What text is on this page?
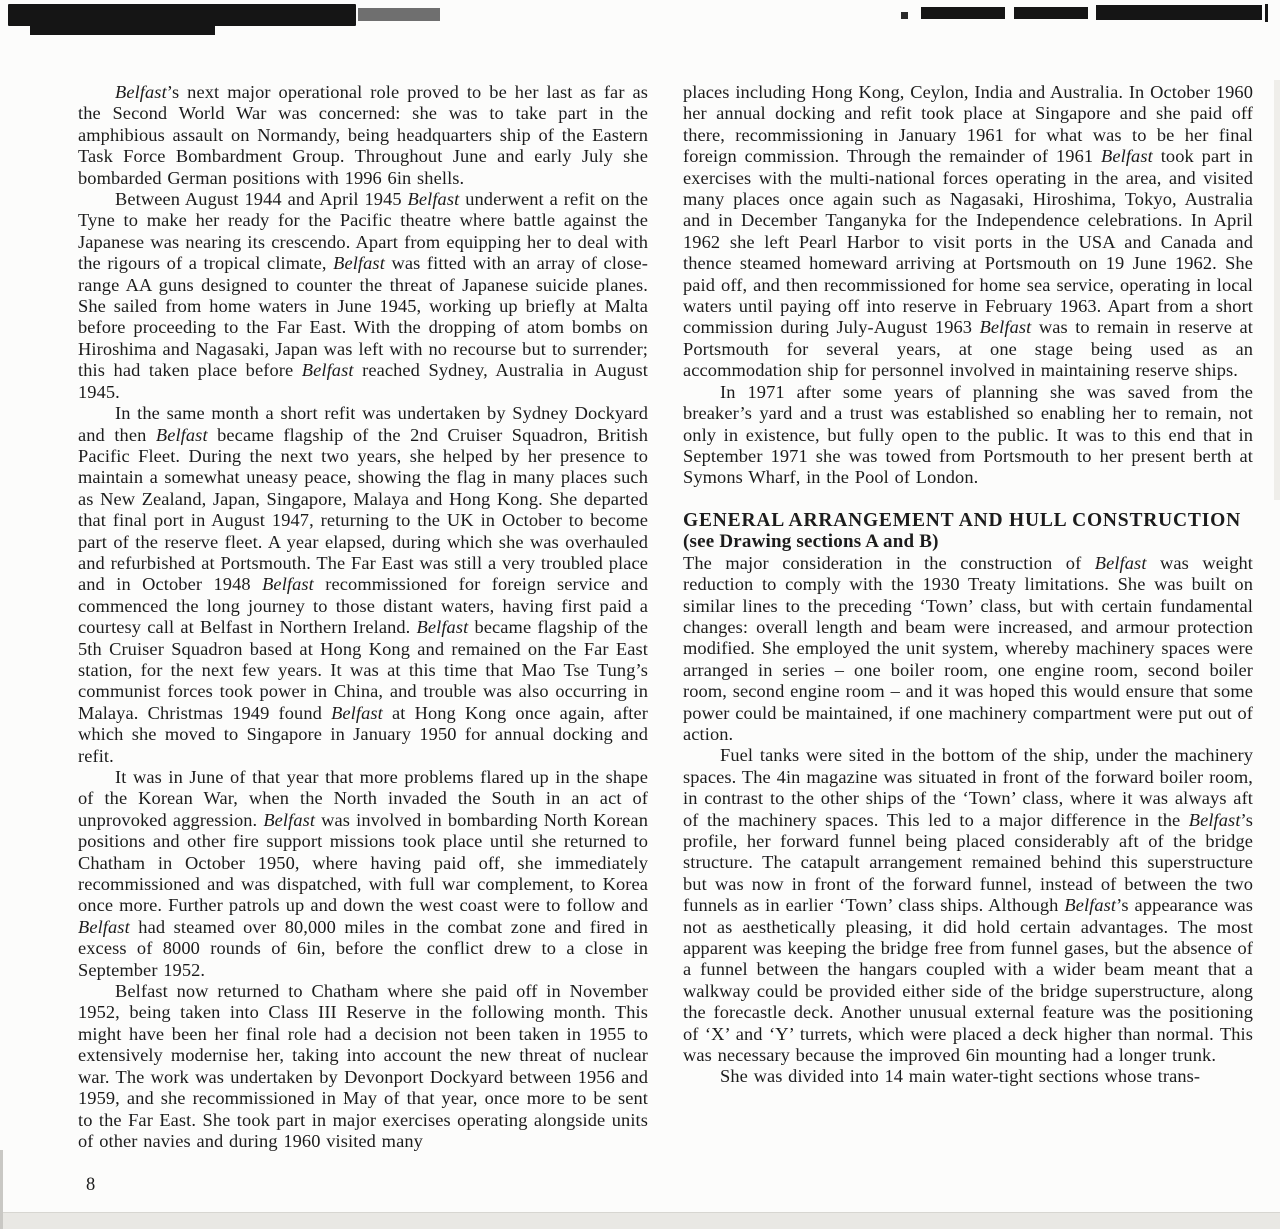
Belfast’s next major operational role proved to be her last as far as the Second World War was concerned: she was to take part in the amphibious assault on Normandy, being headquarters ship of the Eastern Task Force Bombardment Group. Throughout June and early July she bombarded German positions with 1996 6in shells.

Between August 1944 and April 1945 Belfast underwent a refit on the Tyne to make her ready for the Pacific theatre where battle against the Japanese was nearing its crescendo. Apart from equipping her to deal with the rigours of a tropical climate, Belfast was fitted with an array of close-range AA guns designed to counter the threat of Japanese suicide planes. She sailed from home waters in June 1945, working up briefly at Malta before proceeding to the Far East. With the dropping of atom bombs on Hiroshima and Nagasaki, Japan was left with no recourse but to surrender; this had taken place before Belfast reached Sydney, Australia in August 1945.

In the same month a short refit was undertaken by Sydney Dockyard and then Belfast became flagship of the 2nd Cruiser Squadron, British Pacific Fleet. During the next two years, she helped by her presence to maintain a somewhat uneasy peace, showing the flag in many places such as New Zealand, Japan, Singapore, Malaya and Hong Kong. She departed that final port in August 1947, returning to the UK in October to become part of the reserve fleet. A year elapsed, during which she was overhauled and refurbished at Portsmouth. The Far East was still a very troubled place and in October 1948 Belfast recommissioned for foreign service and commenced the long journey to those distant waters, having first paid a courtesy call at Belfast in Northern Ireland. Belfast became flagship of the 5th Cruiser Squadron based at Hong Kong and remained on the Far East station, for the next few years. It was at this time that Mao Tse Tung’s communist forces took power in China, and trouble was also occurring in Malaya. Christmas 1949 found Belfast at Hong Kong once again, after which she moved to Singapore in January 1950 for annual docking and refit.

It was in June of that year that more problems flared up in the shape of the Korean War, when the North invaded the South in an act of unprovoked aggression. Belfast was involved in bombarding North Korean positions and other fire support missions took place until she returned to Chatham in October 1950, where having paid off, she immediately recommissioned and was dispatched, with full war complement, to Korea once more. Further patrols up and down the west coast were to follow and Belfast had steamed over 80,000 miles in the combat zone and fired in excess of 8000 rounds of 6in, before the conflict drew to a close in September 1952.

Belfast now returned to Chatham where she paid off in November 1952, being taken into Class III Reserve in the following month. This might have been her final role had a decision not been taken in 1955 to extensively modernise her, taking into account the new threat of nuclear war. The work was undertaken by Devonport Dockyard between 1956 and 1959, and she recommissioned in May of that year, once more to be sent to the Far East. She took part in major exercises operating alongside units of other navies and during 1960 visited many

places including Hong Kong, Ceylon, India and Australia. In October 1960 her annual docking and refit took place at Singapore and she paid off there, recommissioning in January 1961 for what was to be her final foreign commission. Through the remainder of 1961 Belfast took part in exercises with the multi-national forces operating in the area, and visited many places once again such as Nagasaki, Hiroshima, Tokyo, Australia and in December Tanganyka for the Independence celebrations. In April 1962 she left Pearl Harbor to visit ports in the USA and Canada and thence steamed homeward arriving at Portsmouth on 19 June 1962. She paid off, and then recommissioned for home sea service, operating in local waters until paying off into reserve in February 1963. Apart from a short commission during July-August 1963 Belfast was to remain in reserve at Portsmouth for several years, at one stage being used as an accommodation ship for personnel involved in maintaining reserve ships.

In 1971 after some years of planning she was saved from the breaker’s yard and a trust was established so enabling her to remain, not only in existence, but fully open to the public. It was to this end that in September 1971 she was towed from Portsmouth to her present berth at Symons Wharf, in the Pool of London.

GENERAL ARRANGEMENT AND HULL CONSTRUCTION
(see Drawing sections A and B)

The major consideration in the construction of Belfast was weight reduction to comply with the 1930 Treaty limitations. She was built on similar lines to the preceding ‘Town’ class, but with certain fundamental changes: overall length and beam were increased, and armour protection modified. She employed the unit system, whereby machinery spaces were arranged in series – one boiler room, one engine room, second boiler room, second engine room – and it was hoped this would ensure that some power could be maintained, if one machinery compartment were put out of action.

Fuel tanks were sited in the bottom of the ship, under the machinery spaces. The 4in magazine was situated in front of the forward boiler room, in contrast to the other ships of the ‘Town’ class, where it was always aft of the machinery spaces. This led to a major difference in the Belfast’s profile, her forward funnel being placed considerably aft of the bridge structure. The catapult arrangement remained behind this superstructure but was now in front of the forward funnel, instead of between the two funnels as in earlier ‘Town’ class ships. Although Belfast’s appearance was not as aesthetically pleasing, it did hold certain advantages. The most apparent was keeping the bridge free from funnel gases, but the absence of a funnel between the hangars coupled with a wider beam meant that a walkway could be provided either side of the bridge superstructure, along the forecastle deck. Another unusual external feature was the positioning of ‘X’ and ‘Y’ turrets, which were placed a deck higher than normal. This was necessary because the improved 6in mounting had a longer trunk.

She was divided into 14 main water-tight sections whose trans-

8
